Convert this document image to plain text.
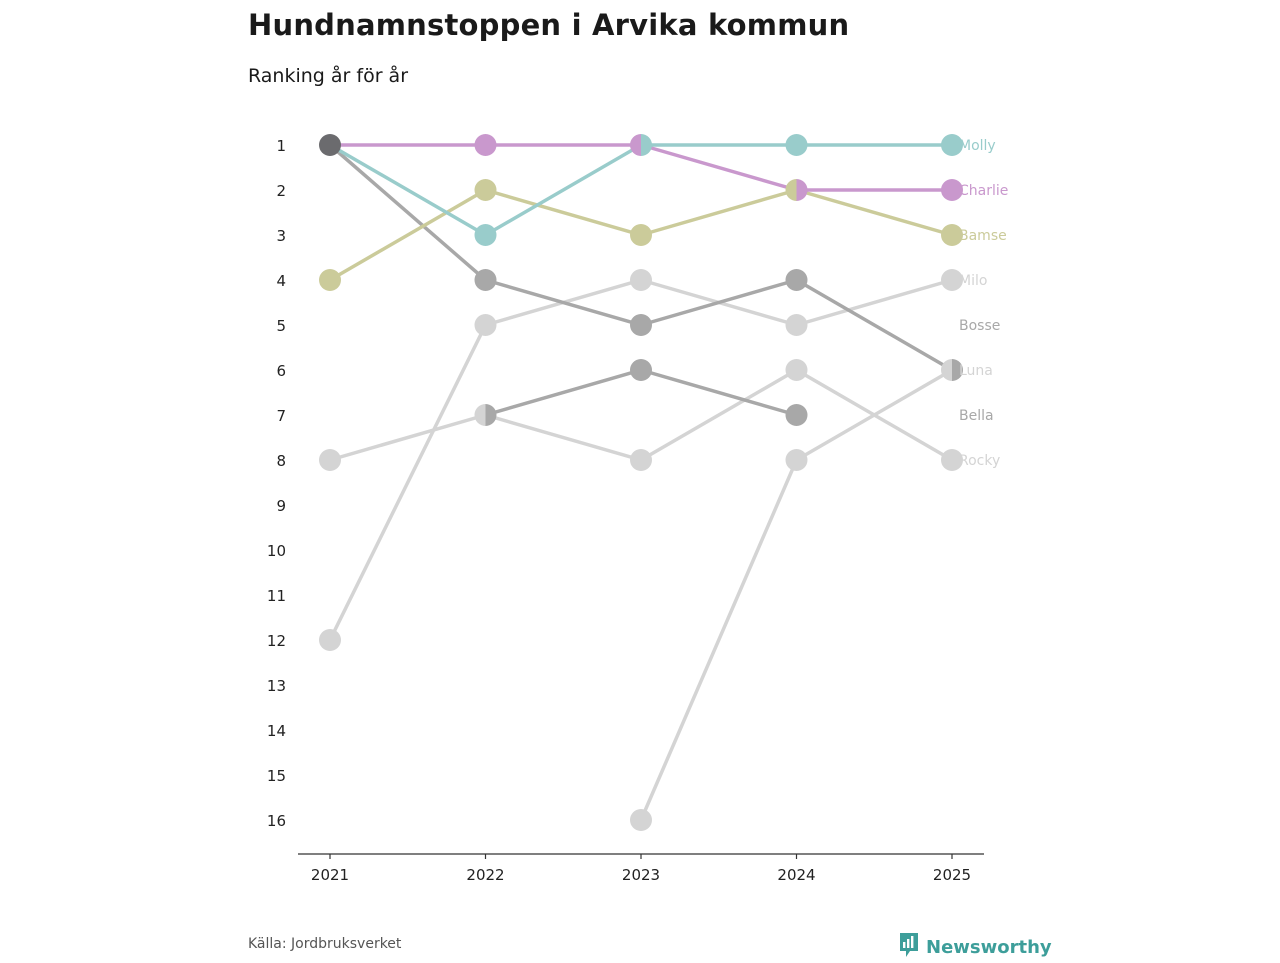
Hundnamnstoppen i Arvika kommun
Ranking år för år
1
2
3
4
5
6
7
8
9
10
11
12
13
14
15
16
2021	2022	2023	2024	2025
Molly
Charlie
Bamse
Milo
Bosse
Luna
Bella
Rocky
Källa: Jordbruksverket	Newsworthy
